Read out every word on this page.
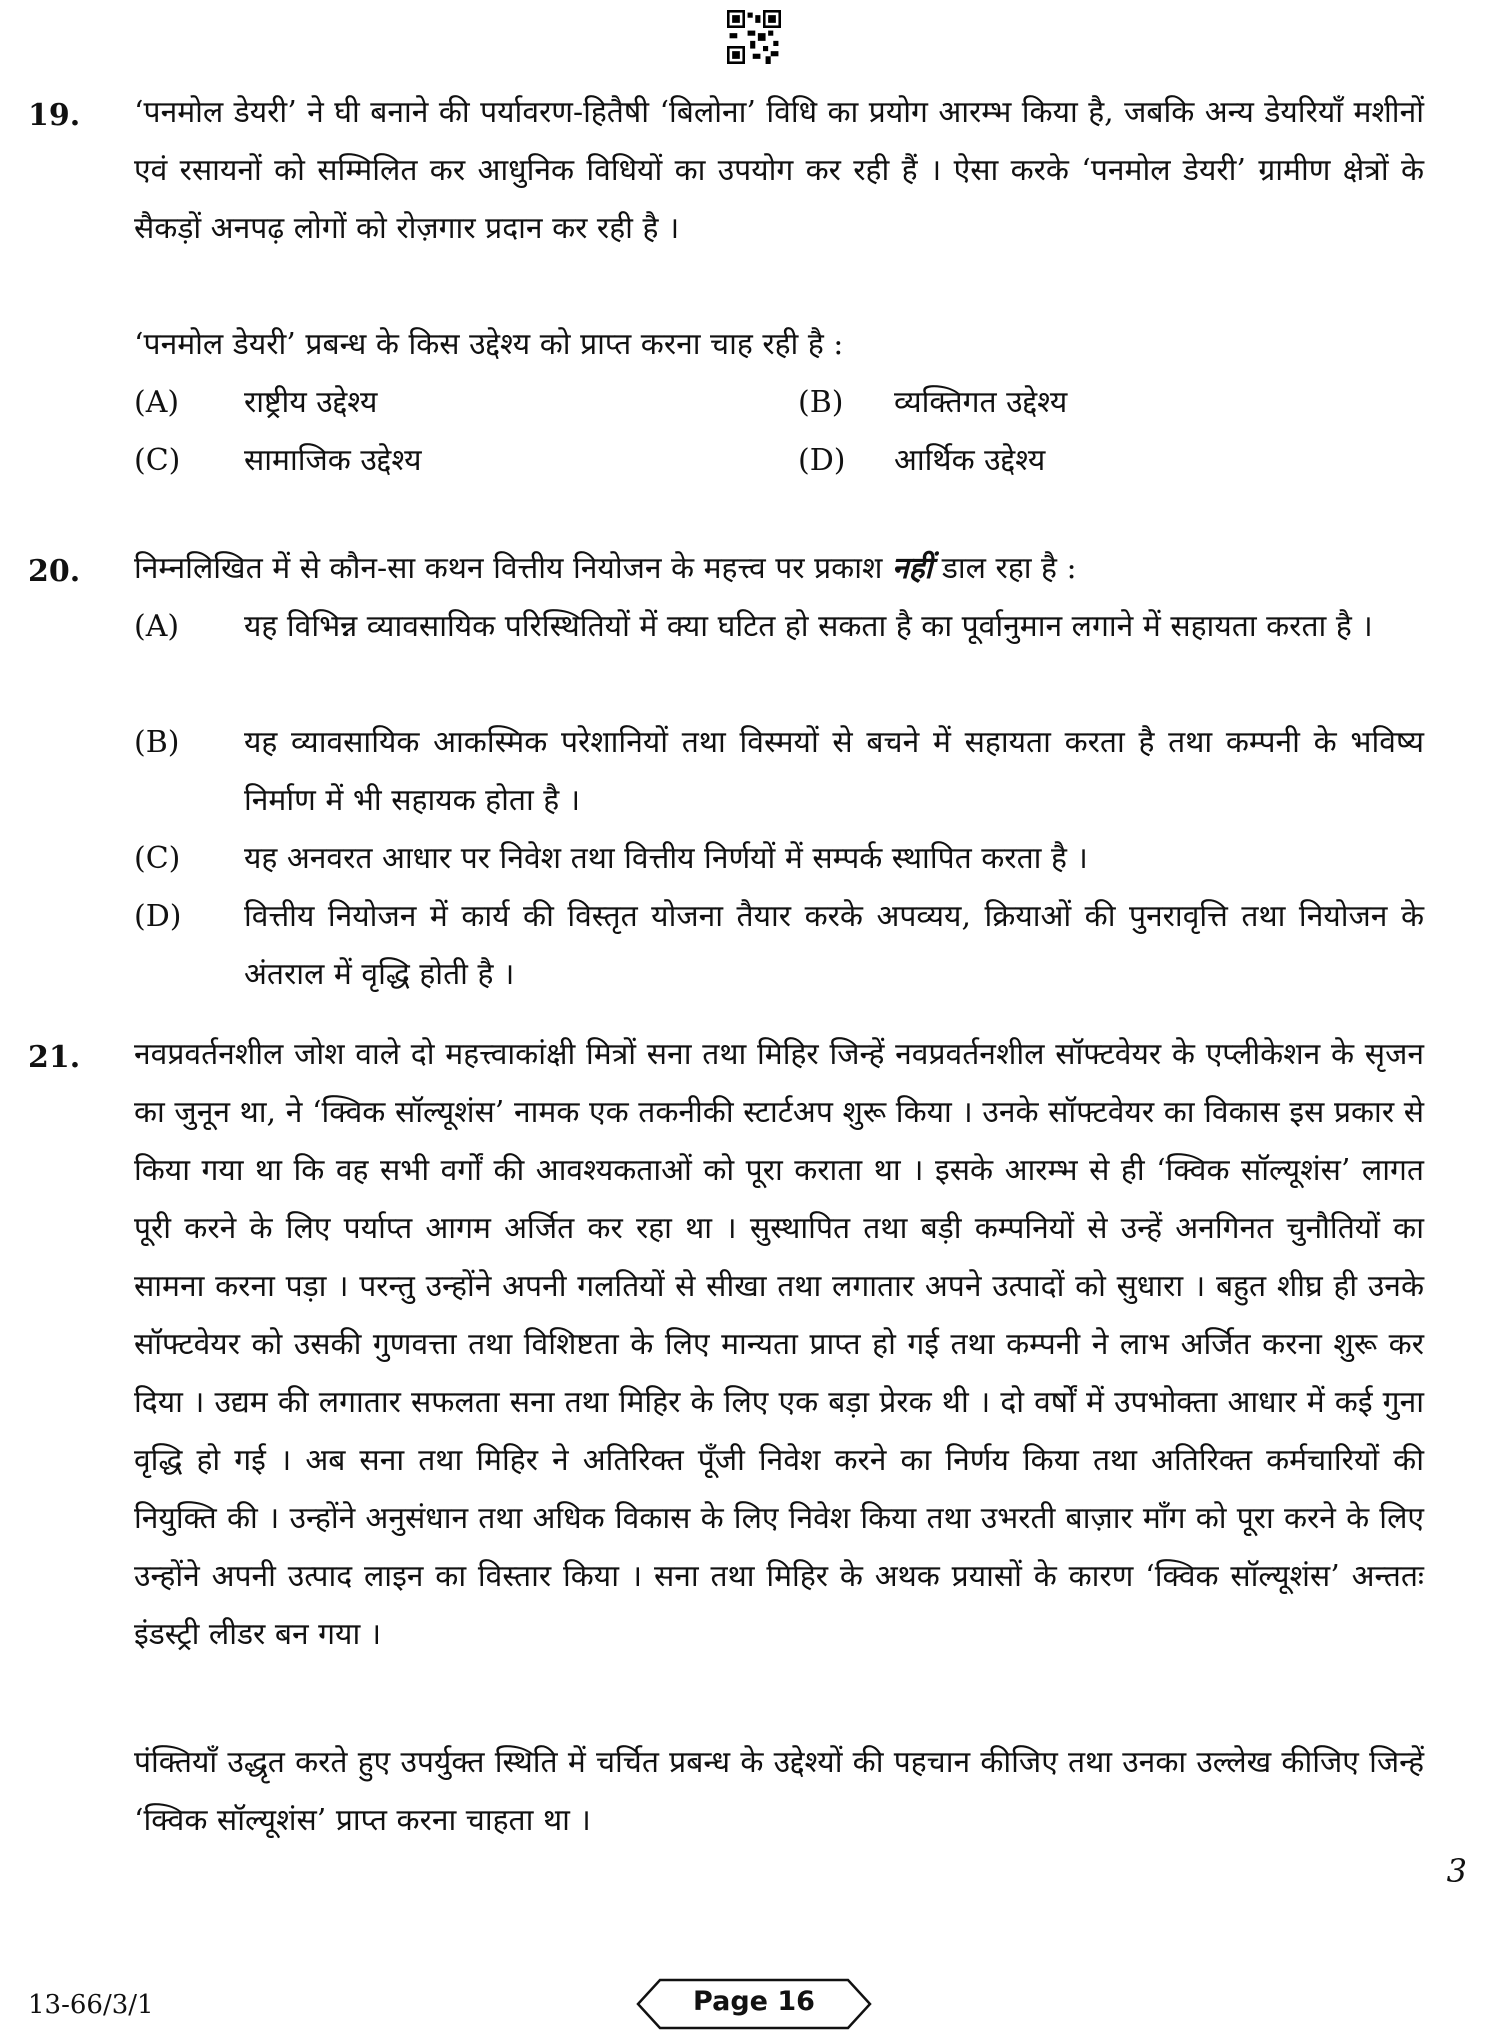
19. ‘पनमोल डेयरी’ ने घी बनाने की पर्यावरण-हितैषी ‘बिलोना’ विधि का प्रयोग आरम्भ किया है, जबकि अन्य डेयरियाँ मशीनों एवं रसायनों को सम्मिलित कर आधुनिक विधियों का उपयोग कर रही हैं । ऐसा करके ‘पनमोल डेयरी’ ग्रामीण क्षेत्रों के सैकड़ों अनपढ़ लोगों को रोज़गार प्रदान कर रही है ।
‘पनमोल डेयरी’ प्रबन्ध के किस उद्देश्य को प्राप्त करना चाह रही है :
(A) राष्ट्रीय उद्देश्य	(B) व्यक्तिगत उद्देश्य
(C) सामाजिक उद्देश्य	(D) आर्थिक उद्देश्य
20. निम्नलिखित में से कौन-सा कथन वित्तीय नियोजन के महत्त्व पर प्रकाश नहीं डाल रहा है :
(A) यह विभिन्न व्यावसायिक परिस्थितियों में क्या घटित हो सकता है का पूर्वानुमान लगाने में सहायता करता है ।
(B) यह व्यावसायिक आकस्मिक परेशानियों तथा विस्मयों से बचने में सहायता करता है तथा कम्पनी के भविष्य निर्माण में भी सहायक होता है ।
(C) यह अनवरत आधार पर निवेश तथा वित्तीय निर्णयों में सम्पर्क स्थापित करता है ।
(D) वित्तीय नियोजन में कार्य की विस्तृत योजना तैयार करके अपव्यय, क्रियाओं की पुनरावृत्ति तथा नियोजन के अंतराल में वृद्धि होती है ।
21. नवप्रवर्तनशील जोश वाले दो महत्त्वाकांक्षी मित्रों सना तथा मिहिर जिन्हें नवप्रवर्तनशील सॉफ्टवेयर के एप्लीकेशन के सृजन का जुनून था, ने ‘क्विक सॉल्यूशंस’ नामक एक तकनीकी स्टार्टअप शुरू किया । उनके सॉफ्टवेयर का विकास इस प्रकार से किया गया था कि वह सभी वर्गों की आवश्यकताओं को पूरा कराता था । इसके आरम्भ से ही ‘क्विक सॉल्यूशंस’ लागत पूरी करने के लिए पर्याप्त आगम अर्जित कर रहा था । सुस्थापित तथा बड़ी कम्पनियों से उन्हें अनगिनत चुनौतियों का सामना करना पड़ा । परन्तु उन्होंने अपनी गलतियों से सीखा तथा लगातार अपने उत्पादों को सुधारा । बहुत शीघ्र ही उनके सॉफ्टवेयर को उसकी गुणवत्ता तथा विशिष्टता के लिए मान्यता प्राप्त हो गई तथा कम्पनी ने लाभ अर्जित करना शुरू कर दिया । उद्यम की लगातार सफलता सना तथा मिहिर के लिए एक बड़ा प्रेरक थी । दो वर्षों में उपभोक्ता आधार में कई गुना वृद्धि हो गई । अब सना तथा मिहिर ने अतिरिक्त पूँजी निवेश करने का निर्णय किया तथा अतिरिक्त कर्मचारियों की नियुक्ति की । उन्होंने अनुसंधान तथा अधिक विकास के लिए निवेश किया तथा उभरती बाज़ार माँग को पूरा करने के लिए उन्होंने अपनी उत्पाद लाइन का विस्तार किया । सना तथा मिहिर के अथक प्रयासों के कारण ‘क्विक सॉल्यूशंस’ अन्ततः इंडस्ट्री लीडर बन गया ।
पंक्तियाँ उद्धृत करते हुए उपर्युक्त स्थिति में चर्चित प्रबन्ध के उद्देश्यों की पहचान कीजिए तथा उनका उल्लेख कीजिए जिन्हें ‘क्विक सॉल्यूशंस’ प्राप्त करना चाहता था ।
3
13-66/3/1	Page 16
